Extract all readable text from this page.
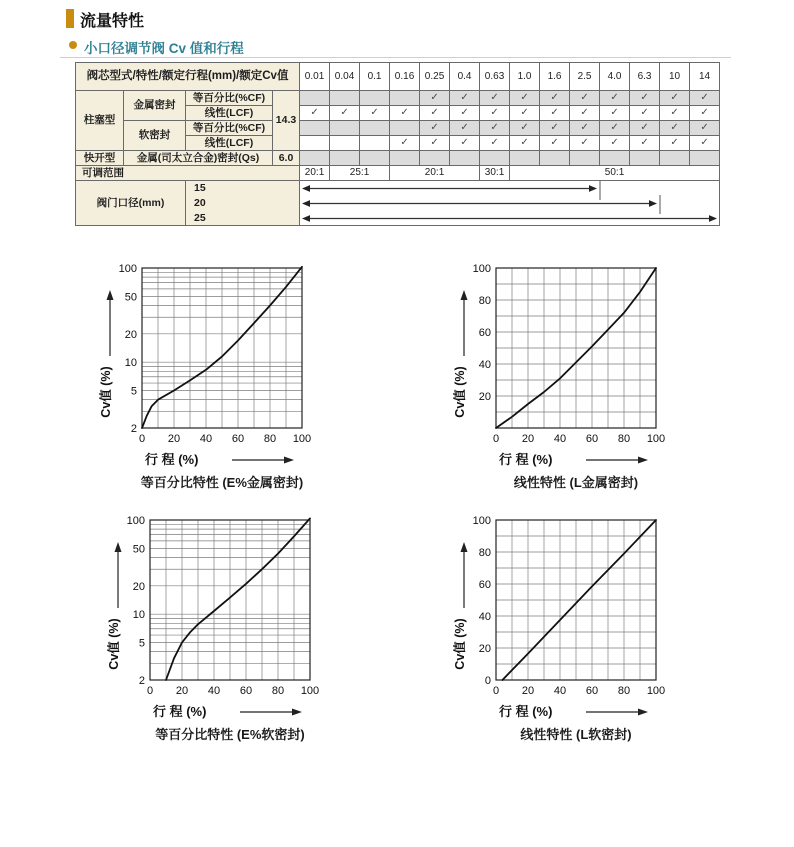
流量特性
小口径调节阀 Cv 值和行程
阀芯型式/特性/额定行程(mm)/额定Cv值				0.01	0.04	0.1	0.16	0.25	0.4	0.63	1.0	1.6	2.5	4.0	6.3	10	14
柱塞型	金属密封	等百分比(%CF)	14.3					✓	✓	✓	✓	✓	✓	✓	✓	✓	✓
		线性(LCF)		✓	✓	✓	✓	✓	✓	✓	✓	✓	✓	✓	✓	✓	✓
	软密封	等百分比(%CF)						✓	✓	✓	✓	✓	✓	✓	✓	✓	✓
		线性(LCF)					✓	✓	✓	✓	✓	✓	✓	✓	✓	✓	✓
快开型	金属(司太立合金)密封(Qs)		6.0														
可调范围				20:1	25:1		20:1			30:1	50:1						
阀门口径(mm)		15	

		20															
		25															
100
50
20
10
5
2
0 20 40 60 80 100
Cv值 (%)
行 程 (%)
等百分比特性 (E%金属密封)
100
80
60
40
20
0 20 40 60 80 100
Cv值 (%)
行 程 (%)
线性特性 (L金属密封)
100
50
20
10
5
2
0 20 40 60 80 100
Cv值 (%)
行 程 (%)
等百分比特性 (E%软密封)
100
80
60
40
20
0
0 20 40 60 80 100
Cv值 (%)
行 程 (%)
线性特性 (L软密封)
